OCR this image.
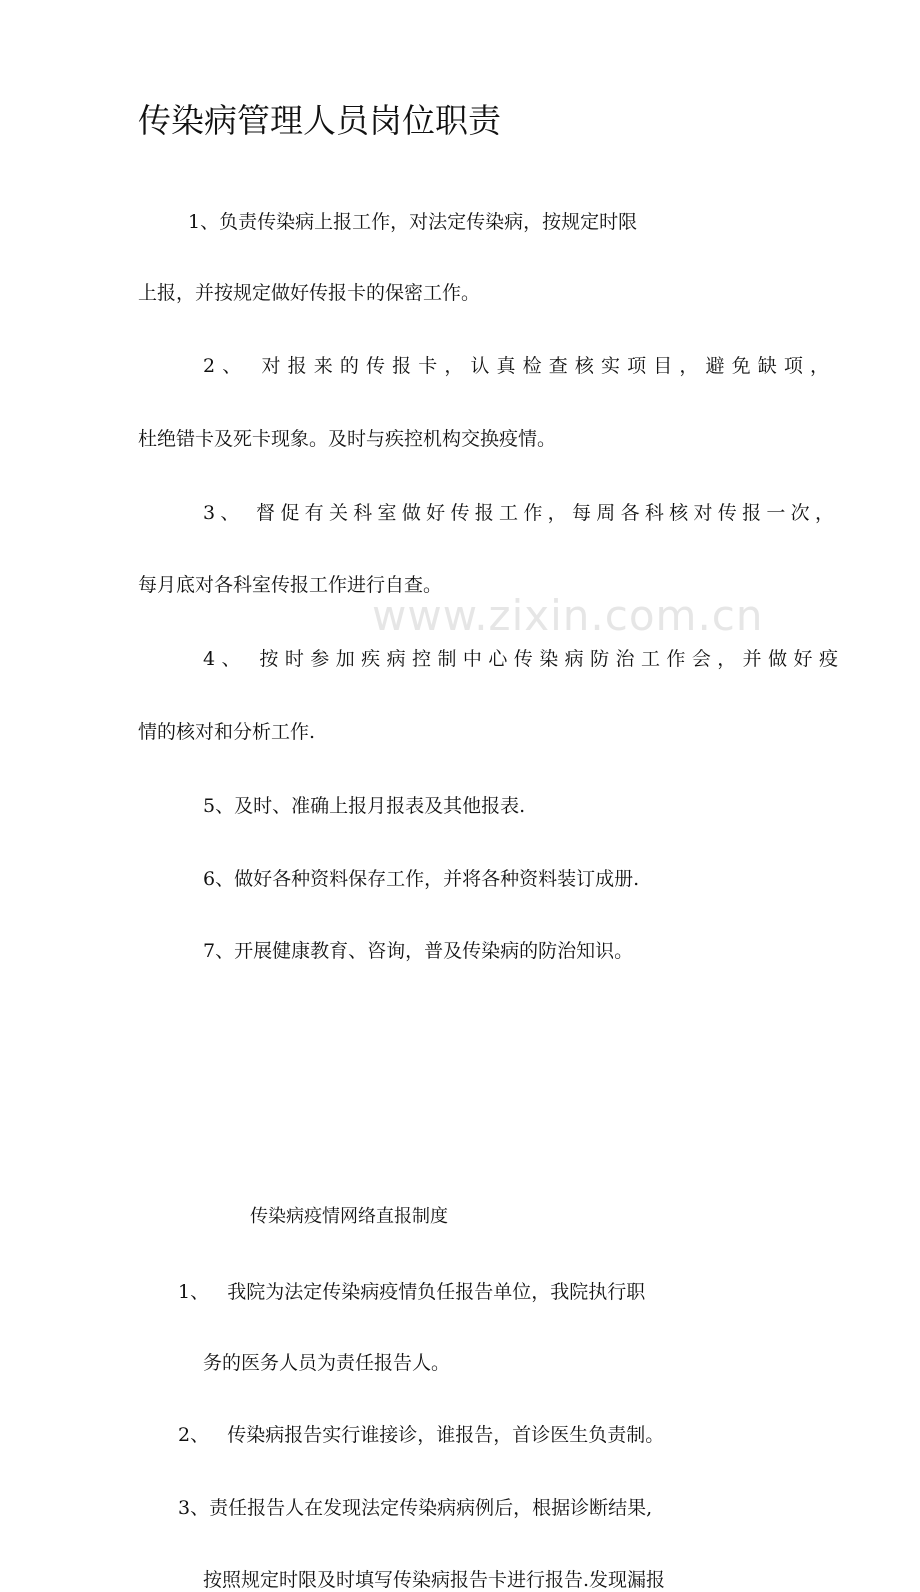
www.zixin.com.cn
传染病管理人员岗位职责
1、负责传染病上报工作，对法定传染病，按规定时限
上报，并按规定做好传报卡的保密工作。
2、 对报来的传报卡，认真检查核实项目，避免缺项，
杜绝错卡及死卡现象。及时与疾控机构交换疫情。
3、 督促有关科室做好传报工作，每周各科核对传报一次，
每月底对各科室传报工作进行自查。
4、 按时参加疾病控制中心传染病防治工作会，并做好疫
情的核对和分析工作.
5、及时、准确上报月报表及其他报表.
6、做好各种资料保存工作，并将各种资料装订成册.
7、开展健康教育、咨询，普及传染病的防治知识。
传染病疫情网络直报制度
1、   我院为法定传染病疫情负任报告单位，我院执行职
务的医务人员为责任报告人。
2、   传染病报告实行谁接诊，谁报告，首诊医生负责制。
3、责任报告人在发现法定传染病病例后，根据诊断结果,
按照规定时限及时填写传染病报告卡进行报告.发现漏报
